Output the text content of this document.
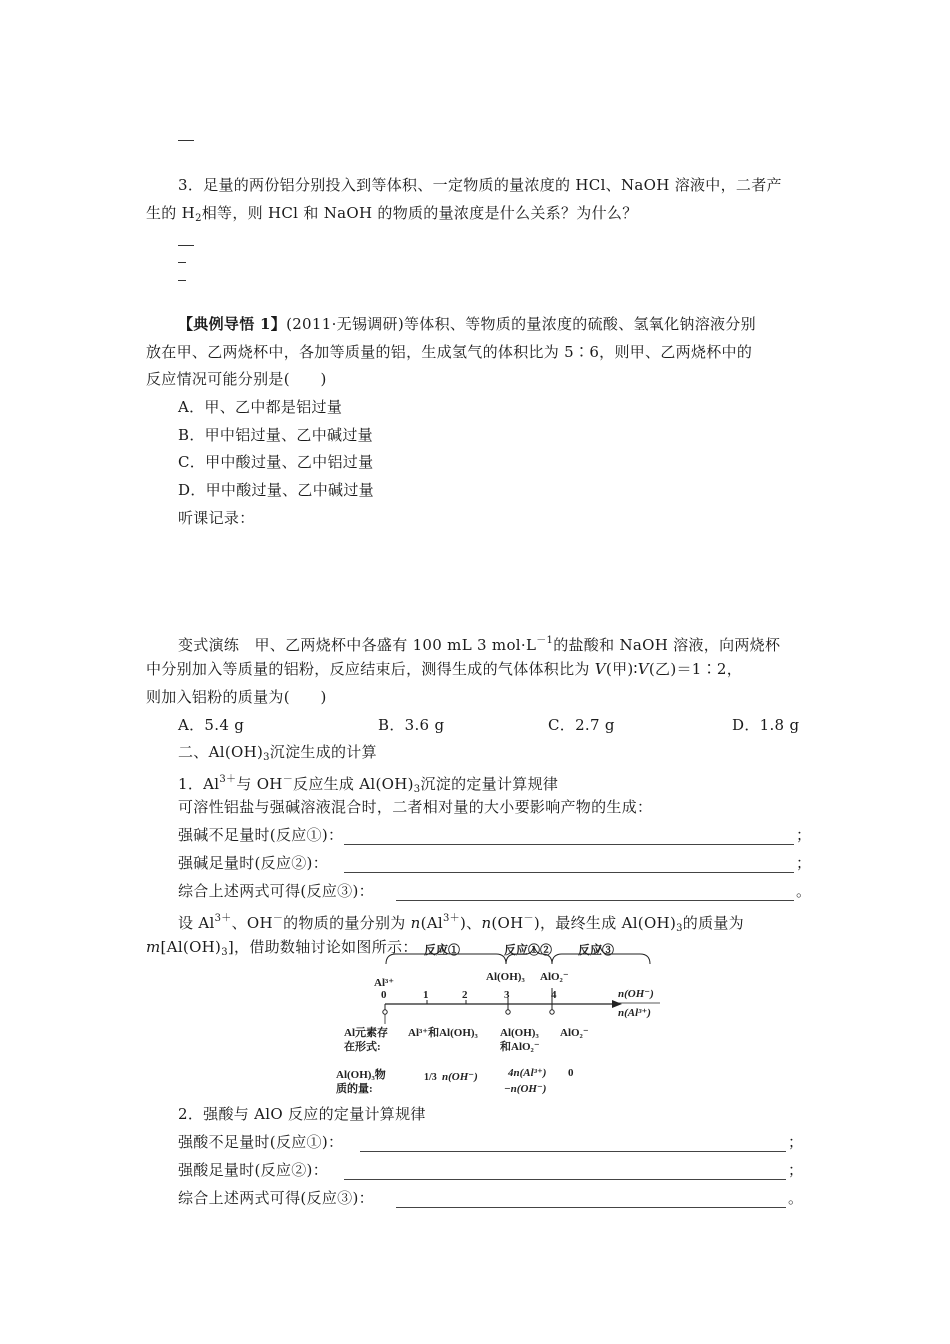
3．足量的两份铝分别投入到等体积、一定物质的量浓度的 HCl、NaOH 溶液中，二者产
生的 $H_2$相等，则 HCl 和 NaOH 的物质的量浓度是什么关系？为什么？
【典例导悟 1】(2011·无锡调研)等体积、等物质的量浓度的硫酸、氢氧化钠溶液分别
放在甲、乙两烧杯中，各加等质量的铝，生成氢气的体积比为 5∶6，则甲、乙两烧杯中的
反应情况可能分别是(　　)
A．甲、乙中都是铝过量
B．甲中铝过量、乙中碱过量
C．甲中酸过量、乙中铝过量
D．甲中酸过量、乙中碱过量
听课记录：
变式演练　甲、乙两烧杯中各盛有 100 mL 3 $mol\cdot L^{-1}$的盐酸和 NaOH 溶液，向两烧杯
中分别加入等质量的铝粉，反应结束后，测得生成的气体体积比为 V(甲)∶V(乙)＝1∶2，
则加入铝粉的质量为(　　)
A．5.4 g	B．3.6 g	C．2.7 g	D．1.8 g
二、$Al(OH)_3$沉淀生成的计算
1．$Al^{3+}$与 OH－反应生成 $Al(OH)_3$沉淀的定量计算规律
可溶性铝盐与强碱溶液混合时，二者相对量的大小要影响产物的生成：
强碱不足量时(反应①)：	；
强碱足量时(反应②)：	；
综合上述两式可得(反应③)：	。
设 $Al^{3+}$、OH－的物质的量分别为 $n(Al^{3+})$、n(OH－)，最终生成 $Al(OH)_3$的质量为
$m[Al(OH)_3]$，借助数轴讨论如图所示： 反应①	反应①② 反应③
Al³⁺	Al(OH)₃ AlO₂⁻
0	1	2	3	4	n(OH⁻)
n(Al³⁺)
Al元素存
在形式:
Al³⁺和Al(OH)₃ Al(OH)₃
和AlO₂⁻
AlO₂⁻
Al(OH)₃物
质的量:
1/3 n(OH⁻)	4n(Al³⁺)
−n(OH⁻)
0
2．强酸与 AlO 反应的定量计算规律
强酸不足量时(反应①)：	；
强酸足量时(反应②)：	；
综合上述两式可得(反应③)：	。
